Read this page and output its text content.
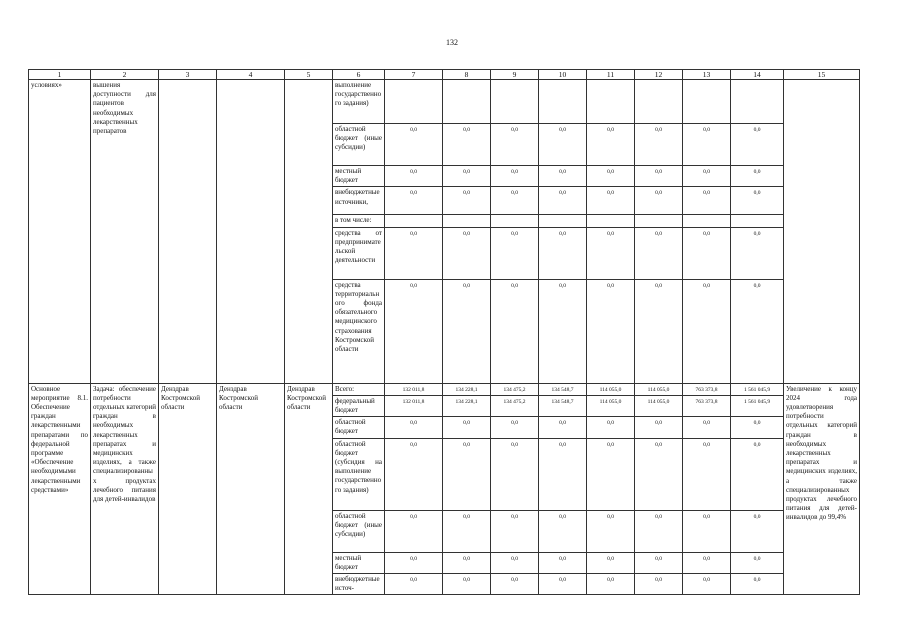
132
1	2	3	4	5	6	7	8	9	10	11	12	13	14	15
условиях»	вышения доступности для пациентов необходимых лекарственных препаратов				выполнение государственного задания)									
					областной бюджет (иные субсидии)	0,0	0,0	0,0	0,0	0,0	0,0	0,0	0,0	
					местный бюджет	0,0	0,0	0,0	0,0	0,0	0,0	0,0	0,0	
					внебюджетные источники,	0,0	0,0	0,0	0,0	0,0	0,0	0,0	0,0	
					в том числе:									
					средства от предпринимательской деятельности	0,0	0,0	0,0	0,0	0,0	0,0	0,0	0,0	
					средства территориального фонда обязательного медицинского страхования Костромской области	0,0	0,0	0,0	0,0	0,0	0,0	0,0	0,0	
Основное мероприятие 8.1. Обеспечение граждан лекарственными препаратами по федеральной программе «Обеспечение необходимыми лекарственными средствами»	Задача: обеспечение потребности отдельных категорий граждан в необходимых лекарственных препаратах и медицинских изделиях, а также специализированных продуктах лечебного питания для детей-инвалидов	Денздрав Костромской области	Денздрав Костромской области	Денздрав Костромской области	Всего:	132 011,8	134 228,1	134 475,2	134 548,7	114 055,0	114 055,0	763 373,8	1 561 045,9	Увеличение к концу 2024 года удовлетворения потребности отдельных категорий граждан в необходимых лекарственных препаратах и медицинских изделиях, а также специализированных продуктах лечебного питания для детей-инвалидов до 99,4%
					федеральный бюджет	132 011,8	134 228,1	134 475,2	134 548,7	114 055,0	114 055,0	763 373,8	1 561 045,9	
					областной бюджет	0,0	0,0	0,0	0,0	0,0	0,0	0,0	0,0	
					областной бюджет (субсидия на выполнение государственного задания)	0,0	0,0	0,0	0,0	0,0	0,0	0,0	0,0	
					областной бюджет (иные субсидии)	0,0	0,0	0,0	0,0	0,0	0,0	0,0	0,0	
					местный бюджет	0,0	0,0	0,0	0,0	0,0	0,0	0,0	0,0	
					внебюджетные источ-	0,0	0,0	0,0	0,0	0,0	0,0	0,0	0,0	
